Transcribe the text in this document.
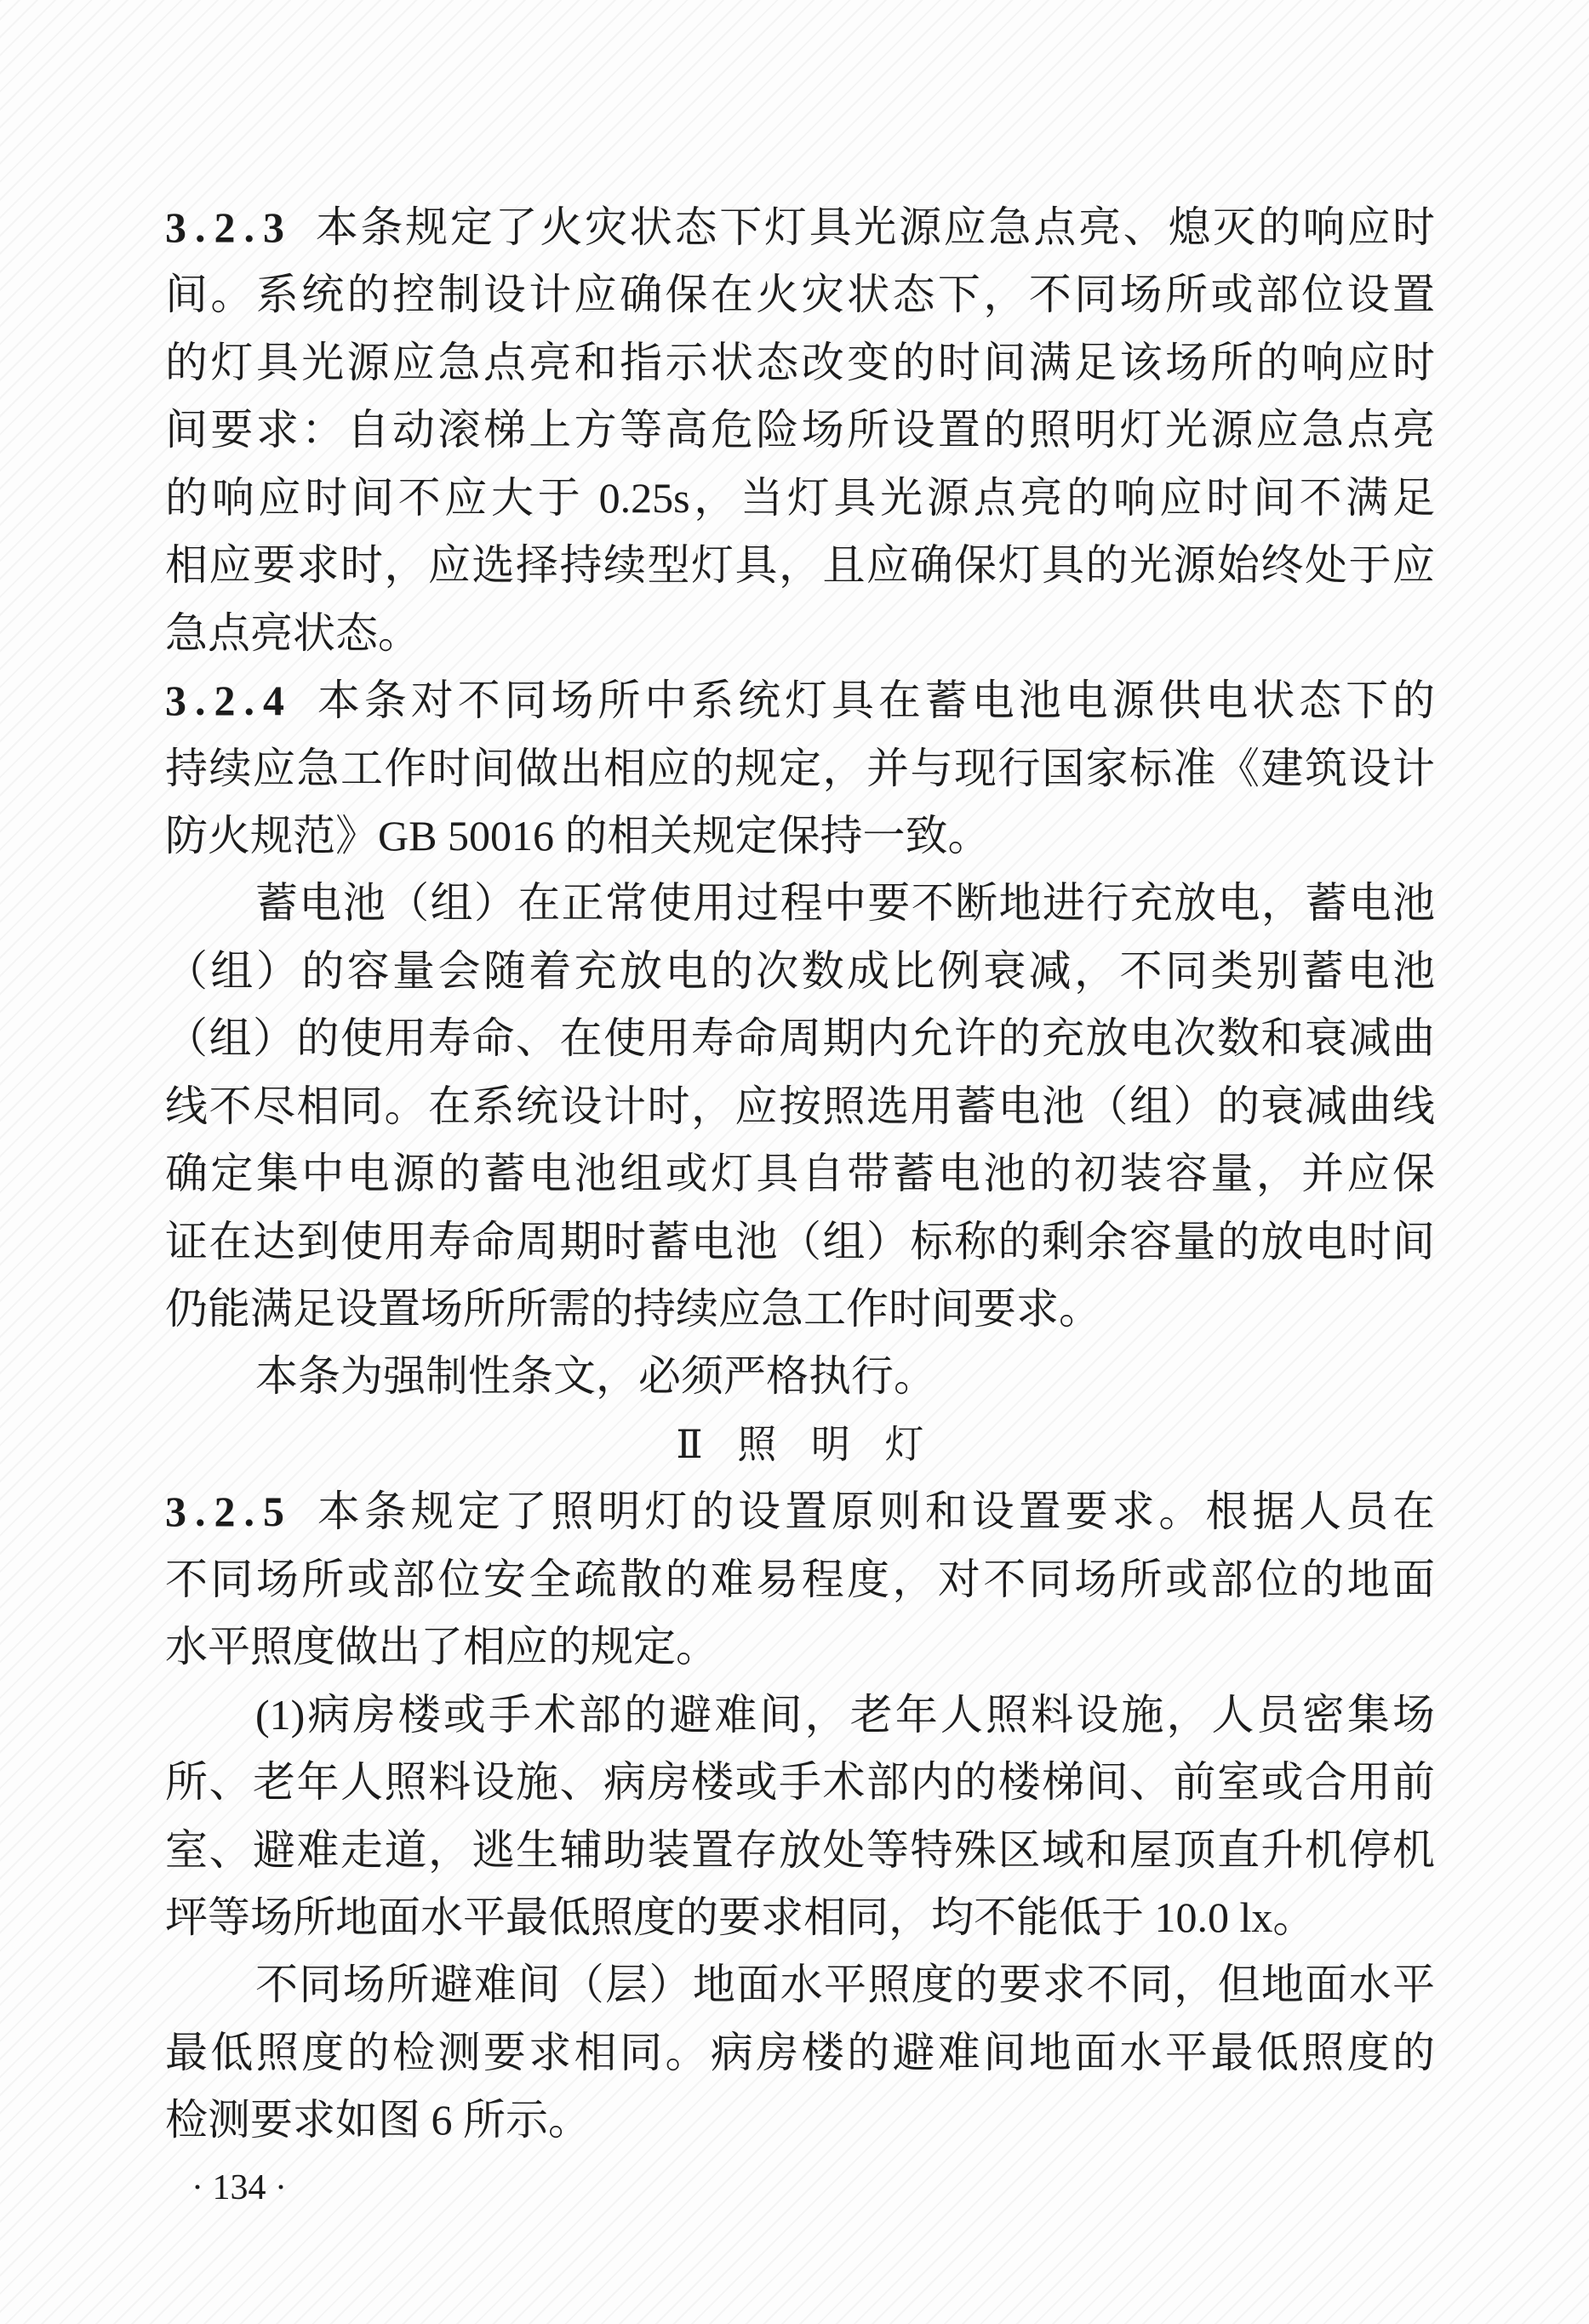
3.2.3 本条规定了火灾状态下灯具光源应急点亮、熄灭的响应时
间。系统的控制设计应确保在火灾状态下，不同场所或部位设置
的灯具光源应急点亮和指示状态改变的时间满足该场所的响应时
间要求：自动滚梯上方等高危险场所设置的照明灯光源应急点亮
的响应时间不应大于 0.25s，当灯具光源点亮的响应时间不满足
相应要求时，应选择持续型灯具，且应确保灯具的光源始终处于应
急点亮状态。
3.2.4 本条对不同场所中系统灯具在蓄电池电源供电状态下的
持续应急工作时间做出相应的规定，并与现行国家标准《建筑设计
防火规范》GB 50016 的相关规定保持一致。
蓄电池（组）在正常使用过程中要不断地进行充放电，蓄电池
（组）的容量会随着充放电的次数成比例衰减，不同类别蓄电池
（组）的使用寿命、在使用寿命周期内允许的充放电次数和衰减曲
线不尽相同。在系统设计时，应按照选用蓄电池（组）的衰减曲线
确定集中电源的蓄电池组或灯具自带蓄电池的初装容量，并应保
证在达到使用寿命周期时蓄电池（组）标称的剩余容量的放电时间
仍能满足设置场所所需的持续应急工作时间要求。
本条为强制性条文，必须严格执行。
Ⅱ 照 明 灯
3.2.5 本条规定了照明灯的设置原则和设置要求。根据人员在
不同场所或部位安全疏散的难易程度，对不同场所或部位的地面
水平照度做出了相应的规定。
(1)病房楼或手术部的避难间，老年人照料设施，人员密集场
所、老年人照料设施、病房楼或手术部内的楼梯间、前室或合用前
室、避难走道，逃生辅助装置存放处等特殊区域和屋顶直升机停机
坪等场所地面水平最低照度的要求相同，均不能低于 10.0 lx。
不同场所避难间（层）地面水平照度的要求不同，但地面水平
最低照度的检测要求相同。病房楼的避难间地面水平最低照度的
检测要求如图 6 所示。
· 134 ·
